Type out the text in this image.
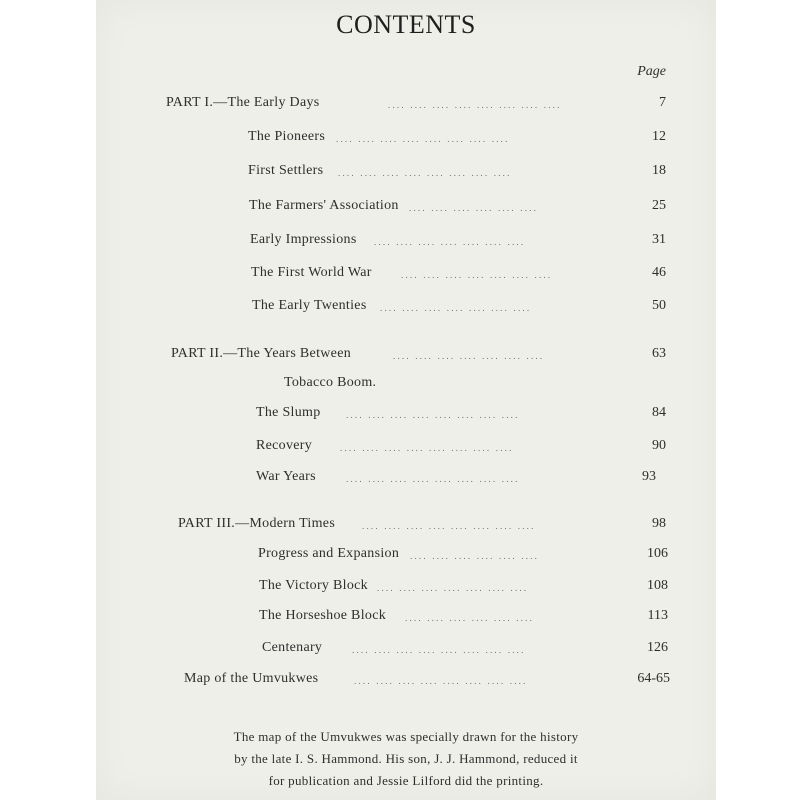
CONTENTS
Page
PART I.—The Early Days	.... .... .... .... .... .... .... ....	7
The Pioneers .... .... .... .... .... .... .... ....	12
First Settlers .... .... .... .... .... .... .... ....	18
The Farmers' Association .... .... .... .... .... ....	25
Early Impressions .... .... .... .... .... .... ....	31
The First World War	.... .... .... .... .... .... ....	46
The Early Twenties .... .... .... .... .... .... ....	50
PART II.—The Years Between	.... .... .... .... .... .... ....	63
Tobacco Boom.
The Slump	.... .... .... .... .... .... .... ....	84
Recovery	.... .... .... .... .... .... .... ....	90
War Years	.... .... .... .... .... .... .... ....	93
PART III.—Modern Times	.... .... .... .... .... .... .... ....	98
Progress and Expansion .... .... .... .... .... ....	106
The Victory Block .... .... .... .... .... .... ....	108
The Horseshoe Block .... .... .... .... .... ....	113
Centenary	.... .... .... .... .... .... .... ....	126
Map of the Umvukwes	.... .... .... .... .... .... .... ....	64-65
The map of the Umvukwes was specially drawn for the history
by the late I. S. Hammond. His son, J. J. Hammond, reduced it
for publication and Jessie Lilford did the printing.
